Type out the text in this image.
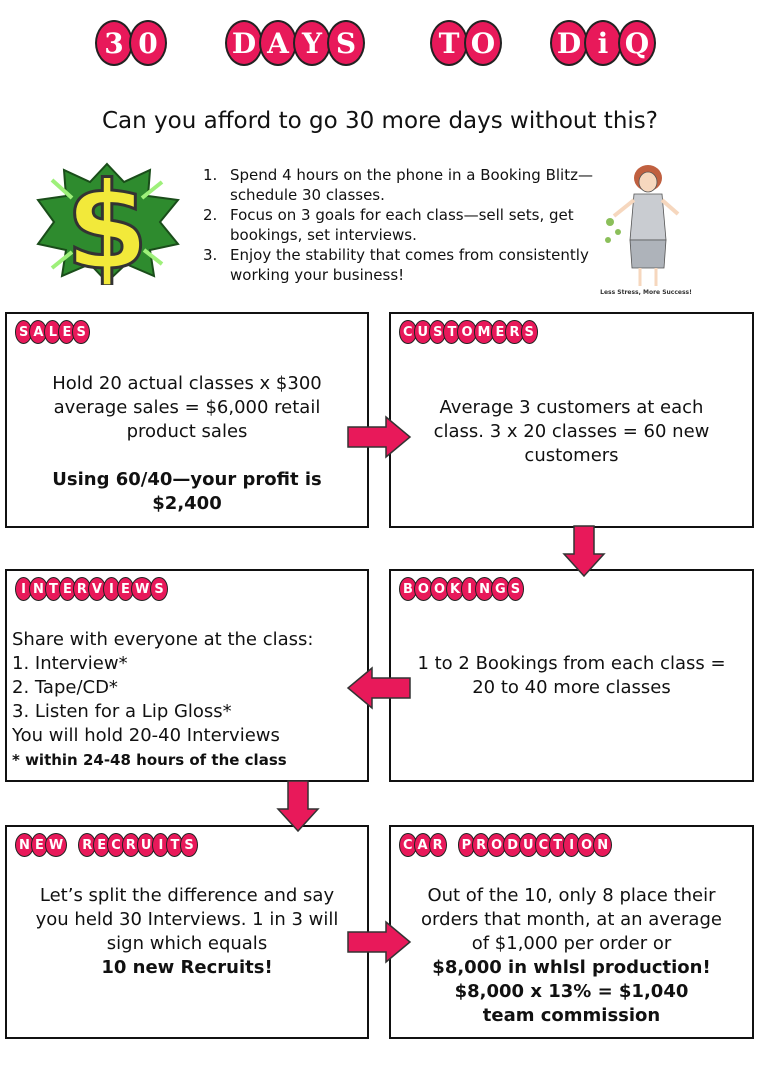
3 0	D A Y S	T O D i Q
Can you afford to go 30 more days without this?
$	1. Spend 4 hours on the phone in a Booking Blitz—schedule 30 classes.
2. Focus on 3 goals for each class—sell sets, get bookings, set interviews.
3. Enjoy the stability that comes from consistently working your business!
Less Stress, More Success!
S A L E S
Hold 20 actual classes x $300
average sales = $6,000 retail
product sales
Using 60/40—your profit is
$2,400
C U S T O M E R S
Average 3 customers at each
class. 3 x 20 classes = 60 new
customers
I N T E R V I E W S
Share with everyone at the class:
1. Interview*
2. Tape/CD*
3. Listen for a Lip Gloss*
You will hold 20-40 Interviews
* within 24-48 hours of the class
B O O K I N G S
1 to 2 Bookings from each class =
20 to 40 more classes
N E W	R E C R U I T S
Let’s split the difference and say
you held 30 Interviews. 1 in 3 will
sign which equals
10 new Recruits!
C A R	P R O D U C T I O N
Out of the 10, only 8 place their
orders that month, at an average
of $1,000 per order or
$8,000 in whlsl production!
$8,000 x 13% = $1,040
team commission
